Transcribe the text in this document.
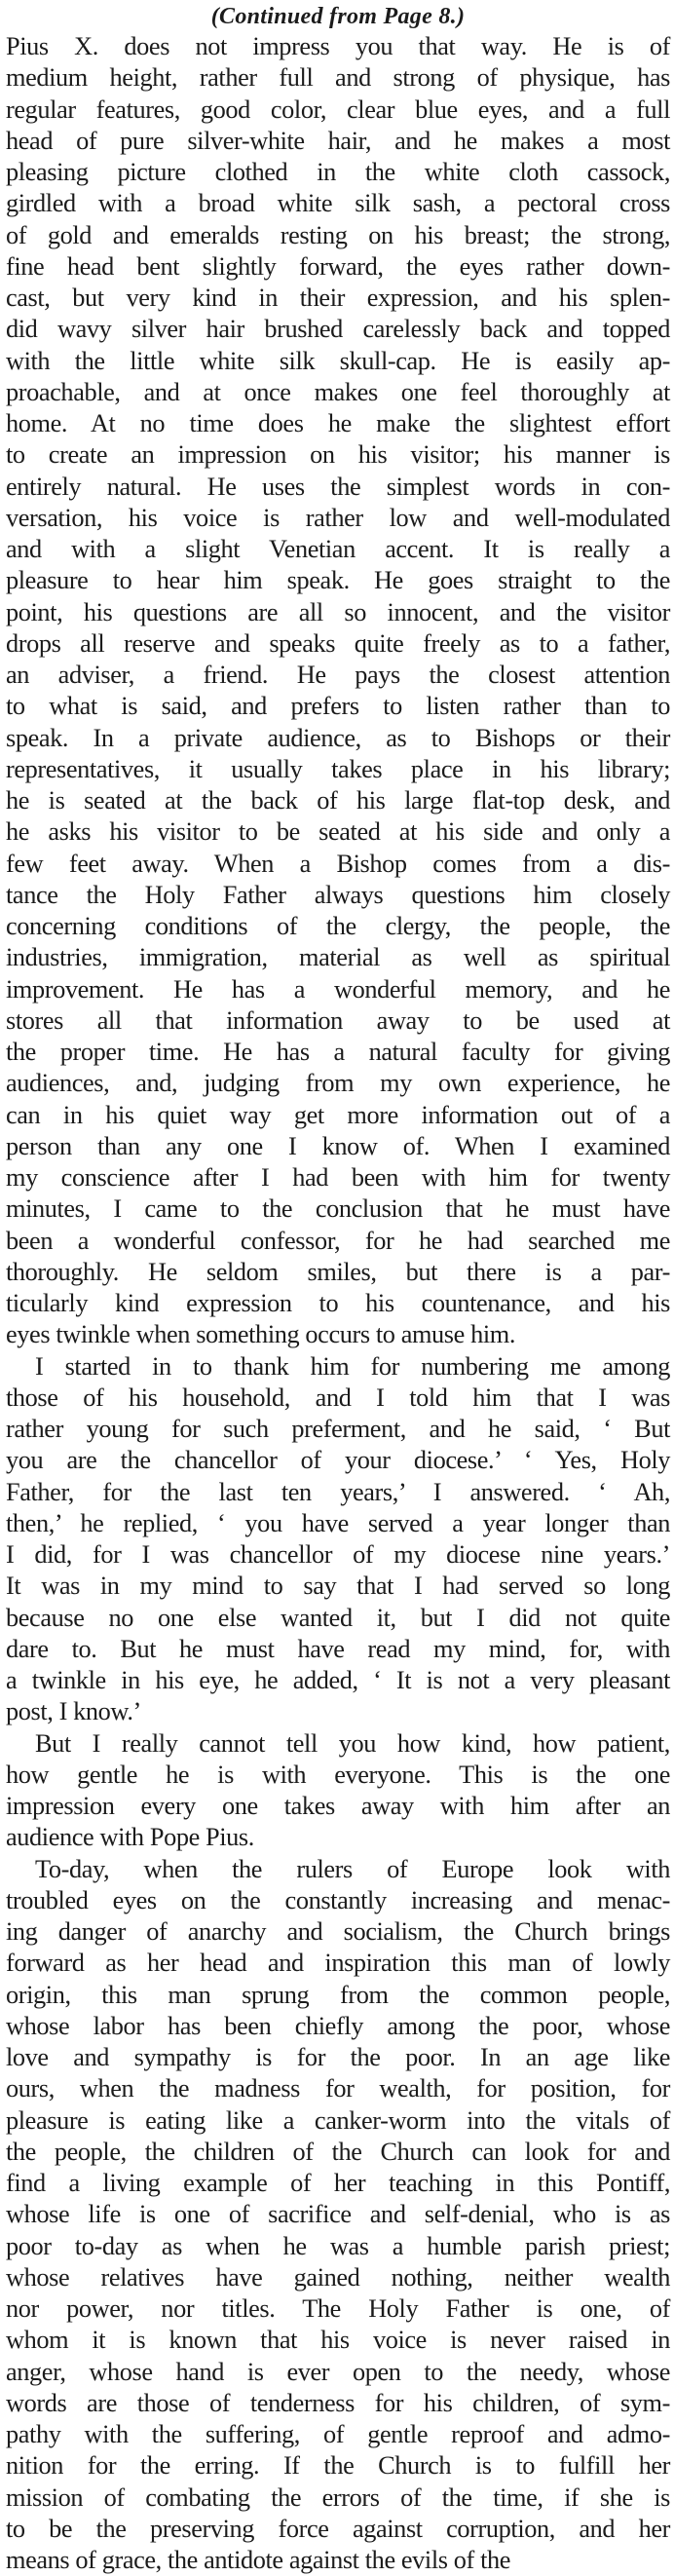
(Continued from Page 8.)

Pius X. does not impress you that way. He is of
medium height, rather full and strong of physique, has
regular features, good color, clear blue eyes, and a full
head of pure silver-white hair, and he makes a most
pleasing picture clothed in the white cloth cassock,
girdled with a broad white silk sash, a pectoral cross
of gold and emeralds resting on his breast; the strong,
fine head bent slightly forward, the eyes rather down-
cast, but very kind in their expression, and his splen-
did wavy silver hair brushed carelessly back and topped
with the little white silk skull-cap. He is easily ap-
proachable, and at once makes one feel thoroughly at
home. At no time does he make the slightest effort
to create an impression on his visitor; his manner is
entirely natural. He uses the simplest words in con-
versation, his voice is rather low and well-modulated
and with a slight Venetian accent. It is really a
pleasure to hear him speak. He goes straight to the
point, his questions are all so innocent, and the visitor
drops all reserve and speaks quite freely as to a father,
an adviser, a friend. He pays the closest attention
to what is said, and prefers to listen rather than to
speak. In a private audience, as to Bishops or their
representatives, it usually takes place in his library;
he is seated at the back of his large flat-top desk, and
he asks his visitor to be seated at his side and only a
few feet away. When a Bishop comes from a dis-
tance the Holy Father always questions him closely
concerning conditions of the clergy, the people, the
industries, immigration, material as well as spiritual
improvement. He has a wonderful memory, and he
stores all that information away to be used at
the proper time. He has a natural faculty for giving
audiences, and, judging from my own experience, he
can in his quiet way get more information out of a
person than any one I know of. When I examined
my conscience after I had been with him for twenty
minutes, I came to the conclusion that he must have
been a wonderful confessor, for he had searched me
thoroughly. He seldom smiles, but there is a par-
ticularly kind expression to his countenance, and his
eyes twinkle when something occurs to amuse him.

I started in to thank him for numbering me among
those of his household, and I told him that I was
rather young for such preferment, and he said, ‘ But
you are the chancellor of your diocese.’ ‘ Yes, Holy
Father, for the last ten years,’ I answered. ‘ Ah,
then,’ he replied, ‘ you have served a year longer than
I did, for I was chancellor of my diocese nine years.’
It was in my mind to say that I had served so long
because no one else wanted it, but I did not quite
dare to. But he must have read my mind, for, with
a twinkle in his eye, he added, ‘ It is not a very pleasant
post, I know.’

But I really cannot tell you how kind, how patient,
how gentle he is with everyone. This is the one
impression every one takes away with him after an
audience with Pope Pius.

To-day, when the rulers of Europe look with
troubled eyes on the constantly increasing and menac-
ing danger of anarchy and socialism, the Church brings
forward as her head and inspiration this man of lowly
origin, this man sprung from the common people,
whose labor has been chiefly among the poor, whose
love and sympathy is for the poor. In an age like
ours, when the madness for wealth, for position, for
pleasure is eating like a canker-worm into the vitals of
the people, the children of the Church can look for and
find a living example of her teaching in this Pontiff,
whose life is one of sacrifice and self-denial, who is as
poor to-day as when he was a humble parish priest;
whose relatives have gained nothing, neither wealth
nor power, nor titles. The Holy Father is one, of
whom it is known that his voice is never raised in
anger, whose hand is ever open to the needy, whose
words are those of tenderness for his children, of sym-
pathy with the suffering, of gentle reproof and admo-
nition for the erring. If the Church is to fulfill her
mission of combating the errors of the time, if she is
to be the preserving force against corruption, and her
means of grace, the antidote against the evils of the
